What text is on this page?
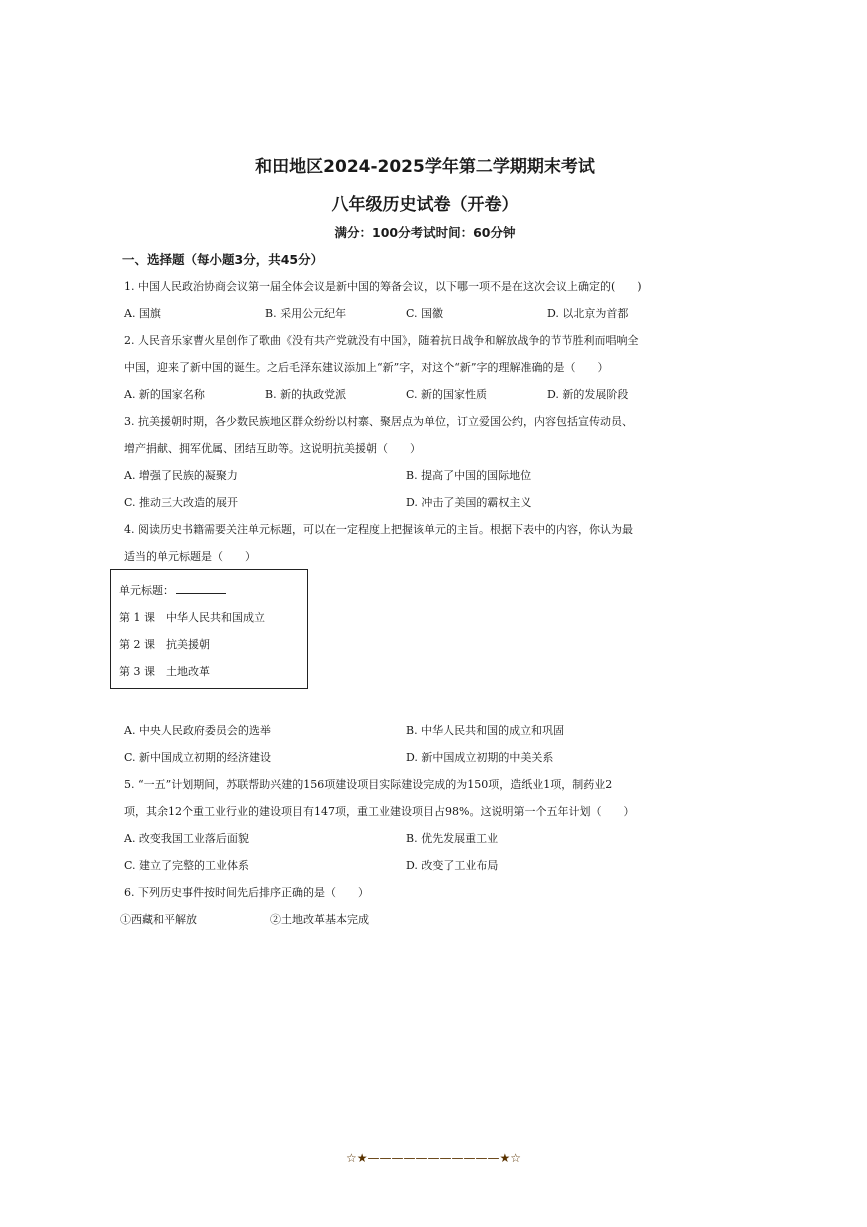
和田地区2024-2025学年第二学期期末考试
八年级历史试卷（开卷）
满分：100分考试时间：60分钟
一、选择题（每小题3分，共45分）
1. 中国人民政治协商会议第一届全体会议是新中国的筹备会议，以下哪一项不是在这次会议上确定的(　　)
A. 国旗	B. 采用公元纪年	C. 国徽	D. 以北京为首都
2. 人民音乐家曹火星创作了歌曲《没有共产党就没有中国》，随着抗日战争和解放战争的节节胜利而唱响全
中国，迎来了新中国的诞生。之后毛泽东建议添加上“新”字，对这个“新”字的理解准确的是（　　）
A. 新的国家名称	B. 新的执政党派	C. 新的国家性质	D. 新的发展阶段
3. 抗美援朝时期，各少数民族地区群众纷纷以村寨、聚居点为单位，订立爱国公约，内容包括宣传动员、
增产捐献、拥军优属、团结互助等。这说明抗美援朝（　　）
A. 增强了民族的凝聚力	B. 提高了中国的国际地位
C. 推动三大改造的展开	D. 冲击了美国的霸权主义
4. 阅读历史书籍需要关注单元标题，可以在一定程度上把握该单元的主旨。根据下表中的内容，你认为最
适当的单元标题是（　　）
单元标题：
第 1 课　中华人民共和国成立
第 2 课　抗美援朝
第 3 课　土地改革
A. 中央人民政府委员会的选举	B. 中华人民共和国的成立和巩固
C. 新中国成立初期的经济建设	D. 新中国成立初期的中美关系
5. “一五”计划期间，苏联帮助兴建的156项建设项目实际建设完成的为150项，造纸业1项，制药业2
项，其余12个重工业行业的建设项目有147项，重工业建设项目占98%。这说明第一个五年计划（　　）
A. 改变我国工业落后面貌	B. 优先发展重工业
C. 建立了完整的工业体系	D. 改变了工业布局
6. 下列历史事件按时间先后排序正确的是（　　）
①西藏和平解放	②土地改革基本完成
☆★———————————★☆
